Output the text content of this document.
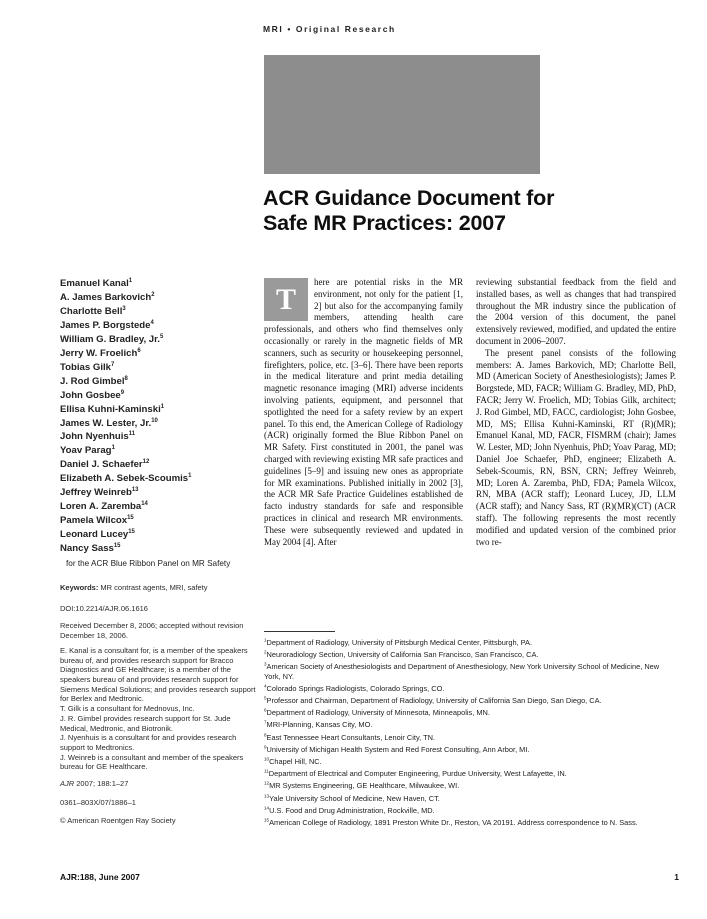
MRI • Original Research
ACR Guidance Document for
Safe MR Practices: 2007
Emanuel Kanal$^1$
A. James Barkovich$^2$
Charlotte Bell$^3$
James P. Borgstede$^4$
William G. Bradley, Jr.$^5$
Jerry W. Froelich$^6$
Tobias Gilk$^7$
J. Rod Gimbel$^8$
John Gosbee$^9$
Ellisa Kuhni-Kaminski$^1$
James W. Lester, Jr.$^{10}$
John Nyenhuis$^{11}$
Yoav Parag$^1$
Daniel J. Schaefer$^{12}$
Elizabeth A. Sebek-Scoumis$^1$
Jeffrey Weinreb$^{13}$
Loren A. Zaremba$^{14}$
Pamela Wilcox$^{15}$
Leonard Lucey$^{15}$
Nancy Sass$^{15}$
for the ACR Blue Ribbon Panel on MR Safety

Keywords: MR contrast agents, MRI, safety

DOI:10.2214/AJR.06.1616

Received December 8, 2006; accepted without revision December 18, 2006.

E. Kanal is a consultant for, is a member of the speakers bureau of, and provides research support for Bracco Diagnostics and GE Healthcare; is a member of the speakers bureau of and provides research support for Siemens Medical Solutions; and provides research support for Berlex and Medtronic.

T. Gilk is a consultant for Mednovus, Inc.

J. R. Gimbel provides research support for St. Jude Medical, Medtronic, and Biotronik.

J. Nyenhuis is a consultant for and provides research support to Medtronics.

J. Weinreb is a consultant and member of the speakers bureau for GE Healthcare.

AJR 2007; 188:1–27

0361–803X/07/1886–1

© American Roentgen Ray Society

T
here are potential risks in the MR environment, not only for the patient [1, 2] but also for the accompanying family members, attending health care professionals, and others who find themselves only occasionally or rarely in the magnetic fields of MR scanners, such as security or housekeeping personnel, firefighters, police, etc. [3–6]. There have been reports in the medical literature and print media detailing magnetic resonance imaging (MRI) adverse incidents involving patients, equipment, and personnel that spotlighted the need for a safety review by an expert panel. To this end, the American College of Radiology (ACR) originally formed the Blue Ribbon Panel on MR Safety. First constituted in 2001, the panel was charged with reviewing existing MR safe practices and guidelines [5–9] and issuing new ones as appropriate for MR examinations. Published initially in 2002 [3], the ACR MR Safe Practice Guidelines established de facto industry standards for safe and responsible practices in clinical and research MR environments. These were subsequently reviewed and updated in May 2004 [4]. After

reviewing substantial feedback from the field and installed bases, as well as changes that had transpired throughout the MR industry since the publication of the 2004 version of this document, the panel extensively reviewed, modified, and updated the entire document in 2006–2007.

The present panel consists of the following members: A. James Barkovich, MD; Charlotte Bell, MD (American Society of Anesthesiologists); James P. Borgstede, MD, FACR; William G. Bradley, MD, PhD, FACR; Jerry W. Froelich, MD; Tobias Gilk, architect; J. Rod Gimbel, MD, FACC, cardiologist; John Gosbee, MD, MS; Ellisa Kuhni-Kaminski, RT (R)(MR); Emanuel Kanal, MD, FACR, FISMRM (chair); James W. Lester, MD; John Nyenhuis, PhD; Yoav Parag, MD; Daniel Joe Schaefer, PhD, engineer; Elizabeth A. Sebek-Scoumis, RN, BSN, CRN; Jeffrey Weinreb, MD; Loren A. Zaremba, PhD, FDA; Pamela Wilcox, RN, MBA (ACR staff); Leonard Lucey, JD, LLM (ACR staff); and Nancy Sass, RT (R)(MR)(CT) (ACR staff). The following represents the most recently modified and updated version of the combined prior two re-

$^1$Department of Radiology, University of Pittsburgh Medical Center, Pittsburgh, PA.
$^2$Neuroradiology Section, University of California San Francisco, San Francisco, CA.
$^3$American Society of Anesthesiologists and Department of Anesthesiology, New York University School of Medicine, New York, NY.
$^4$Colorado Springs Radiologists, Colorado Springs, CO.
$^5$Professor and Chairman, Department of Radiology, University of California San Diego, San Diego, CA.
$^6$Department of Radiology, University of Minnesota, Minneapolis, MN.
$^7$MRI-Planning, Kansas City, MO.
$^8$East Tennessee Heart Consultants, Lenoir City, TN.
$^9$University of Michigan Health System and Red Forest Consulting, Ann Arbor, MI.
$^{10}$Chapel Hill, NC.
$^{11}$Department of Electrical and Computer Engineering, Purdue University, West Lafayette, IN.
$^{12}$MR Systems Engineering, GE Healthcare, Milwaukee, WI.
$^{13}$Yale University School of Medicine, New Haven, CT.
$^{14}$U.S. Food and Drug Administration, Rockville, MD.
$^{15}$American College of Radiology, 1891 Preston White Dr., Reston, VA 20191. Address correspondence to N. Sass.
AJR:188, June 2007	1
